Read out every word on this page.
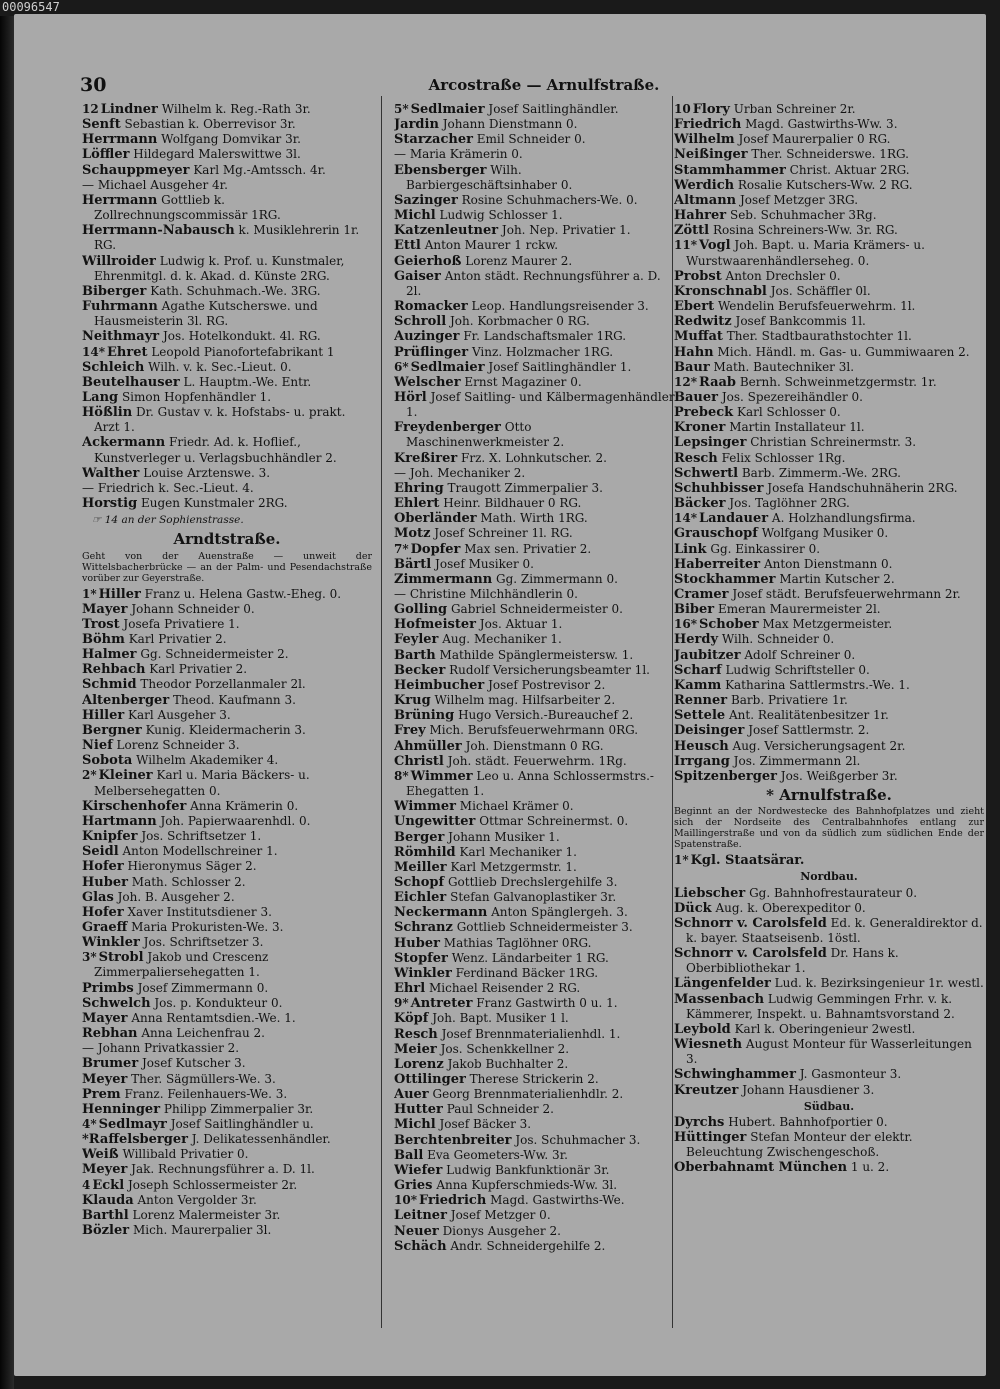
00096547
30	Arcostraße — Arnulfstraße.
12 Lindner Wilhelm k. Reg.-Rath 3r.
Senft Sebastian k. Oberrevisor 3r.
Herrmann Wolfgang Domvikar 3r.
Löffler Hildegard Malerswittwe 3l.
Schauppmeyer Karl Mg.-Amtssch. 4r.
— Michael Ausgeher 4r.
Herrmann Gottlieb k. Zollrechnungscommissär 1RG.
Herrmann-Nabausch k. Musiklehrerin 1r. RG.
Willroider Ludwig k. Prof. u. Kunstmaler, Ehrenmitgl. d. k. Akad. d. Künste 2RG.
Biberger Kath. Schuhmach.-We. 3RG.
Fuhrmann Agathe Kutscherswe. und Hausmeisterin 3l. RG.
Neithmayr Jos. Hotelkondukt. 4l. RG.
14* Ehret Leopold Pianofortefabrikant 1
Schleich Wilh. v. k. Sec.-Lieut. 0.
Beutelhauser L. Hauptm.-We. Entr.
Lang Simon Hopfenhändler 1.
Hößlin Dr. Gustav v. k. Hofstabs- u. prakt. Arzt 1.
Ackermann Friedr. Ad. k. Hoflief., Kunstverleger u. Verlagsbuchhändler 2.
Walther Louise Arztenswe. 3.
— Friedrich k. Sec.-Lieut. 4.
Horstig Eugen Kunstmaler 2RG.
☞ 14 an der Sophienstrasse.
Arndtstraße.
Geht von der Auenstraße — unweit der Wittelsbacherbrücke — an der Palm- und Pesendachstraße vorüber zur Geyerstraße.
1* Hiller Franz u. Helena Gastw.-Eheg. 0.
Mayer Johann Schneider 0.
Trost Josefa Privatiere 1.
Böhm Karl Privatier 2.
Halmer Gg. Schneidermeister 2.
Rehbach Karl Privatier 2.
Schmid Theodor Porzellanmaler 2l.
Altenberger Theod. Kaufmann 3.
Hiller Karl Ausgeher 3.
Bergner Kunig. Kleidermacherin 3.
Nief Lorenz Schneider 3.
Sobota Wilhelm Akademiker 4.
2* Kleiner Karl u. Maria Bäckers- u. Melbersehegatten 0.
Kirschenhofer Anna Krämerin 0.
Hartmann Joh. Papierwaarenhdl. 0.
Knipfer Jos. Schriftsetzer 1.
Seidl Anton Modellschreiner 1.
Hofer Hieronymus Säger 2.
Huber Math. Schlosser 2.
Glas Joh. B. Ausgeher 2.
Hofer Xaver Institutsdiener 3.
Graeff Maria Prokuristen-We. 3.
Winkler Jos. Schriftsetzer 3.
3* Strobl Jakob und Crescenz Zimmerpaliersehegatten 1.
Primbs Josef Zimmermann 0.
Schwelch Jos. p. Kondukteur 0.
Mayer Anna Rentamtsdien.-We. 1.
Rebhan Anna Leichenfrau 2.
— Johann Privatkassier 2.
Brumer Josef Kutscher 3.
Meyer Ther. Sägmüllers-We. 3.
Prem Franz. Feilenhauers-We. 3.
Henninger Philipp Zimmerpalier 3r.
4* Sedlmayr Josef Saitlinghändler u.
*Raffelsberger J. Delikatessenhändler.
Weiß Willibald Privatier 0.
Meyer Jak. Rechnungsführer a. D. 1l.
4 Eckl Joseph Schlossermeister 2r.
Klauda Anton Vergolder 3r.
Barthl Lorenz Malermeister 3r.
Bözler Mich. Maurerpalier 3l.
5* Sedlmaier Josef Saitlinghändler.
Jardin Johann Dienstmann 0.
Starzacher Emil Schneider 0.
— Maria Krämerin 0.
Ebensberger Wilh. Barbiergeschäftsinhaber 0.
Sazinger Rosine Schuhmachers-We. 0.
Michl Ludwig Schlosser 1.
Katzenleutner Joh. Nep. Privatier 1.
Ettl Anton Maurer 1 rckw.
Geierhoß Lorenz Maurer 2.
Gaiser Anton städt. Rechnungsführer a. D. 2l.
Romacker Leop. Handlungsreisender 3.
Schroll Joh. Korbmacher 0 RG.
Auzinger Fr. Landschaftsmaler 1RG.
Prüflinger Vinz. Holzmacher 1RG.
6* Sedlmaier Josef Saitlinghändler 1.
Welscher Ernst Magaziner 0.
Hörl Josef Saitling- und Kälbermagenhändler 1.
Freydenberger Otto Maschinenwerkmeister 2.
Kreßirer Frz. X. Lohnkutscher. 2.
— Joh. Mechaniker 2.
Ehring Traugott Zimmerpalier 3.
Ehlert Heinr. Bildhauer 0 RG.
Oberländer Math. Wirth 1RG.
Motz Josef Schreiner 1l. RG.
7* Dopfer Max sen. Privatier 2.
Bärtl Josef Musiker 0.
Zimmermann Gg. Zimmermann 0.
— Christine Milchhändlerin 0.
Golling Gabriel Schneidermeister 0.
Hofmeister Jos. Aktuar 1.
Feyler Aug. Mechaniker 1.
Barth Mathilde Spänglermeistersw. 1.
Becker Rudolf Versicherungsbeamter 1l.
Heimbucher Josef Postrevisor 2.
Krug Wilhelm mag. Hilfsarbeiter 2.
Brüning Hugo Versich.-Bureauchef 2.
Frey Mich. Berufsfeuerwehrmann 0RG.
Ahmüller Joh. Dienstmann 0 RG.
Christl Joh. städt. Feuerwehrm. 1Rg.
8* Wimmer Leo u. Anna Schlossermstrs.-Ehegatten 1.
Wimmer Michael Krämer 0.
Ungewitter Ottmar Schreinermst. 0.
Berger Johann Musiker 1.
Römhild Karl Mechaniker 1.
Meiller Karl Metzgermstr. 1.
Schopf Gottlieb Drechslergehilfe 3.
Eichler Stefan Galvanoplastiker 3r.
Neckermann Anton Spänglergeh. 3.
Schranz Gottlieb Schneidermeister 3.
Huber Mathias Taglöhner 0RG.
Stopfer Wenz. Ländarbeiter 1 RG.
Winkler Ferdinand Bäcker 1RG.
Ehrl Michael Reisender 2 RG.
9* Antreter Franz Gastwirth 0 u. 1.
Köpf Joh. Bapt. Musiker 1 l.
Resch Josef Brennmaterialienhdl. 1.
Meier Jos. Schenkkellner 2.
Lorenz Jakob Buchhalter 2.
Ottilinger Therese Strickerin 2.
Auer Georg Brennmaterialienhdlr. 2.
Hutter Paul Schneider 2.
Michl Josef Bäcker 3.
Berchtenbreiter Jos. Schuhmacher 3.
Ball Eva Geometers-Ww. 3r.
Wiefer Ludwig Bankfunktionär 3r.
Gries Anna Kupferschmieds-Ww. 3l.
10* Friedrich Magd. Gastwirths-We.
Leitner Josef Metzger 0.
Neuer Dionys Ausgeher 2.
Schäch Andr. Schneidergehilfe 2.
10 Flory Urban Schreiner 2r.
Friedrich Magd. Gastwirths-Ww. 3.
Wilhelm Josef Maurerpalier 0 RG.
Neißinger Ther. Schneiderswe. 1RG.
Stammhammer Christ. Aktuar 2RG.
Werdich Rosalie Kutschers-Ww. 2 RG.
Altmann Josef Metzger 3RG.
Hahrer Seb. Schuhmacher 3Rg.
Zöttl Rosina Schreiners-Ww. 3r. RG.
11* Vogl Joh. Bapt. u. Maria Krämers- u. Wurstwaarenhändlerseheg. 0.
Probst Anton Drechsler 0.
Kronschnabl Jos. Schäffler 0l.
Ebert Wendelin Berufsfeuerwehrm. 1l.
Redwitz Josef Bankcommis 1l.
Muffat Ther. Stadtbaurathstochter 1l.
Hahn Mich. Händl. m. Gas- u. Gummiwaaren 2.
Baur Math. Bautechniker 3l.
12* Raab Bernh. Schweinmetzgermstr. 1r.
Bauer Jos. Spezereihändler 0.
Prebeck Karl Schlosser 0.
Kroner Martin Installateur 1l.
Lepsinger Christian Schreinermstr. 3.
Resch Felix Schlosser 1Rg.
Schwertl Barb. Zimmerm.-We. 2RG.
Schuhbisser Josefa Handschuhnäherin 2RG.
Bäcker Jos. Taglöhner 2RG.
14* Landauer A. Holzhandlungsfirma.
Grauschopf Wolfgang Musiker 0.
Link Gg. Einkassirer 0.
Haberreiter Anton Dienstmann 0.
Stockhammer Martin Kutscher 2.
Cramer Josef städt. Berufsfeuerwehrmann 2r.
Biber Emeran Maurermeister 2l.
16* Schober Max Metzgermeister.
Herdy Wilh. Schneider 0.
Jaubitzer Adolf Schreiner 0.
Scharf Ludwig Schriftsteller 0.
Kamm Katharina Sattlermstrs.-We. 1.
Renner Barb. Privatiere 1r.
Settele Ant. Realitätenbesitzer 1r.
Deisinger Josef Sattlermstr. 2.
Heusch Aug. Versicherungsagent 2r.
Irrgang Jos. Zimmermann 2l.
Spitzenberger Jos. Weißgerber 3r.
* Arnulfstraße.
Beginnt an der Nordwestecke des Bahnhofplatzes und zieht sich der Nordseite des Centralbahnhofes entlang zur Maillingerstraße und von da südlich zum südlichen Ende der Spatenstraße.
1* Kgl. Staatsärar.
Nordbau.
Liebscher Gg. Bahnhofrestaurateur 0.
Dück Aug. k. Oberexpeditor 0.
Schnorr v. Carolsfeld Ed. k. Generaldirektor d. k. bayer. Staatseisenb. 1östl.
Schnorr v. Carolsfeld Dr. Hans k. Oberbibliothekar 1.
Längenfelder Lud. k. Bezirksingenieur 1r. westl.
Massenbach Ludwig Gemmingen Frhr. v. k. Kämmerer, Inspekt. u. Bahnamtsvorstand 2.
Leybold Karl k. Oberingenieur 2westl.
Wiesneth August Monteur für Wasserleitungen 3.
Schwinghammer J. Gasmonteur 3.
Kreutzer Johann Hausdiener 3.
Südbau.
Dyrchs Hubert. Bahnhofportier 0.
Hüttinger Stefan Monteur der elektr. Beleuchtung Zwischengeschoß.
Oberbahnamt München 1 u. 2.
